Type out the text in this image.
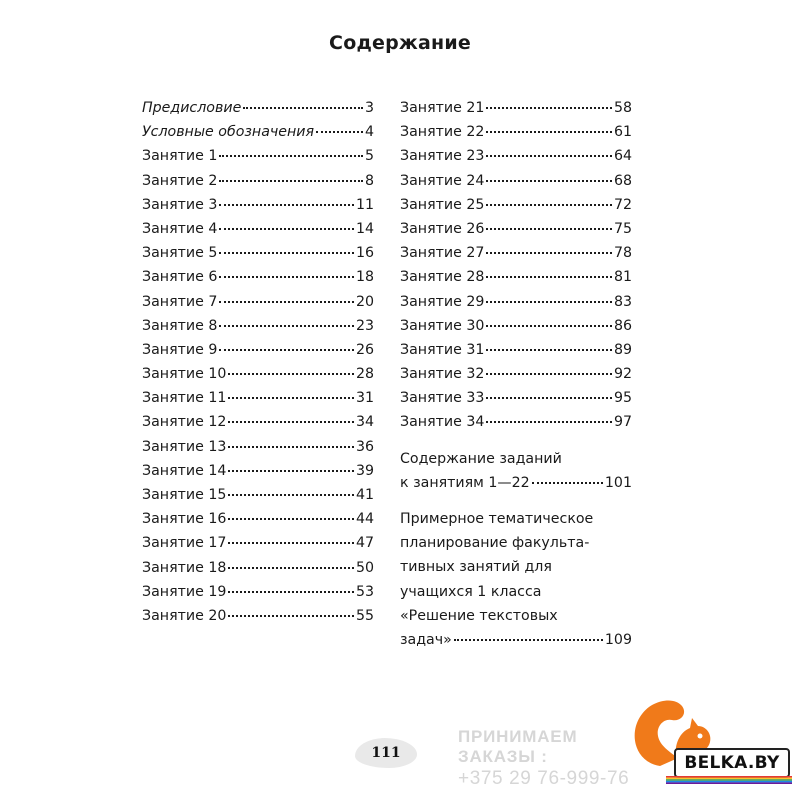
Содержание
Предисловие	3
Условные обозначения	4
Занятие 1	5
Занятие 2	8
Занятие 3	11
Занятие 4	14
Занятие 5	16
Занятие 6	18
Занятие 7	20
Занятие 8	23
Занятие 9	26
Занятие 10	28
Занятие 11	31
Занятие 12	34
Занятие 13	36
Занятие 14	39
Занятие 15	41
Занятие 16	44
Занятие 17	47
Занятие 18	50
Занятие 19	53
Занятие 20	55
Занятие 21	58
Занятие 22	61
Занятие 23	64
Занятие 24	68
Занятие 25	72
Занятие 26	75
Занятие 27	78
Занятие 28	81
Занятие 29	83
Занятие 30	86
Занятие 31	89
Занятие 32	92
Занятие 33	95
Занятие 34	97
Содержание заданий
к занятиям 1—22	101
Примерное тематическое
планирование факульта-
тивных занятий для
учащихся 1 класса
«Решение текстовых
задач»	109
111
ПРИНИМАЕМ ЗАКАЗЫ :
+375 29 76-999-76
BELKA.BY
